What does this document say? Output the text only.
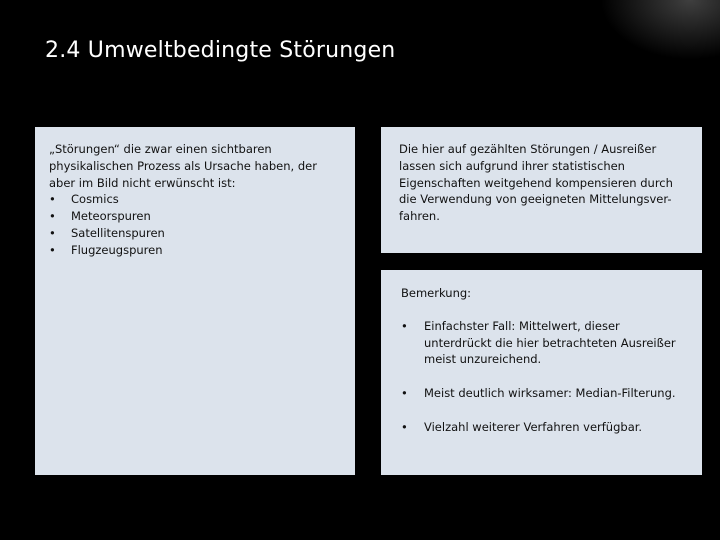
2.4 Umweltbedingte Störungen
„Störungen“ die zwar einen sichtbaren physikalischen Prozess als Ursache haben, der aber im Bild nicht erwünscht ist:
•	Cosmics
•	Meteorspuren
•	Satellitenspuren
•	Flugzeugspuren
Die hier auf gezählten Störungen / Ausreißer lassen sich aufgrund ihrer statistischen Eigenschaften weitgehend kompensieren durch die Verwendung von geeigneten Mittelungsver-fahren.
Bemerkung:
•	Einfachster Fall: Mittelwert, dieser unterdrückt die hier betrachteten Ausreißer meist unzureichend.
•	Meist deutlich wirksamer: Median-Filterung.
•	Vielzahl weiterer Verfahren verfügbar.
